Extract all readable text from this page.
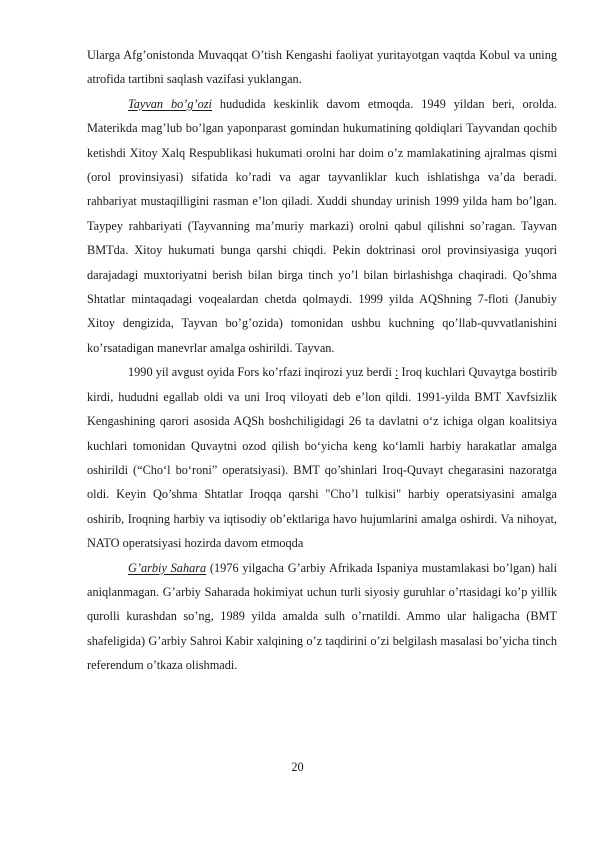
Ularga Afg’onistonda Muvaqqat O’tish Kengashi faoliyat yuritayotgan vaqtda Kobul va uning atrofida tartibni saqlash vazifasi yuklangan.

Tayvan bo’g’ozi hududida keskinlik davom etmoqda. 1949 yildan beri, orolda. Materikda mag’lub bo’lgan yaponparast gomindan hukumatining qoldiqlari Tayvandan qochib ketishdi Xitoy Xalq Respublikasi hukumati orolni har doim o’z mamlakatining ajralmas qismi (orol provinsiyasi) sifatida ko’radi va agar tayvanliklar kuch ishlatishga va’da beradi. rahbariyat mustaqilligini rasman e’lon qiladi. Xuddi shunday urinish 1999 yilda ham bo’lgan. Taypey rahbariyati (Tayvanning ma’muriy markazi) orolni qabul qilishni so’ragan. Tayvan BMTda. Xitoy hukumati bunga qarshi chiqdi. Pekin doktrinasi orol provinsiyasiga yuqori darajadagi muxtoriyatni berish bilan birga tinch yo’l bilan birlashishga chaqiradi. Qo’shma Shtatlar mintaqadagi voqealardan chetda qolmaydi. 1999 yilda AQShning 7-floti (Janubiy Xitoy dengizida, Tayvan bo’g’ozida) tomonidan ushbu kuchning qo’llab-quvvatlanishini ko’rsatadigan manevrlar amalga oshirildi. Tayvan.

1990 yil avgust oyida Fors ko’rfazi inqirozi yuz berdi : Iroq kuchlari Quvaytga bostirib kirdi, hududni egallab oldi va uni Iroq viloyati deb e’lon qildi. 1991-yilda BMT Xavfsizlik Kengashining qarori asosida AQSh boshchiligidagi 26 ta davlatni o‘z ichiga olgan koalitsiya kuchlari tomonidan Quvaytni ozod qilish bo‘yicha keng ko‘lamli harbiy harakatlar amalga oshirildi (“Cho‘l bo‘roni” operatsiyasi). BMT qo’shinlari Iroq-Quvayt chegarasini nazoratga oldi. Keyin Qo’shma Shtatlar Iroqqa qarshi "Cho’l tulkisi" harbiy operatsiyasini amalga oshirib, Iroqning harbiy va iqtisodiy ob’ektlariga havo hujumlarini amalga oshirdi. Va nihoyat, NATO operatsiyasi hozirda davom etmoqda

G’arbiy Sahara (1976 yilgacha G’arbiy Afrikada Ispaniya mustamlakasi bo’lgan) hali aniqlanmagan. G’arbiy Saharada hokimiyat uchun turli siyosiy guruhlar o’rtasidagi ko’p yillik qurolli kurashdan so’ng, 1989 yilda amalda sulh o’rnatildi. Ammo ular haligacha (BMT shafeligida) G’arbiy Sahroi Kabir xalqining o’z taqdirini o’zi belgilash masalasi bo’yicha tinch referendum o’tkaza olishmadi.

20
